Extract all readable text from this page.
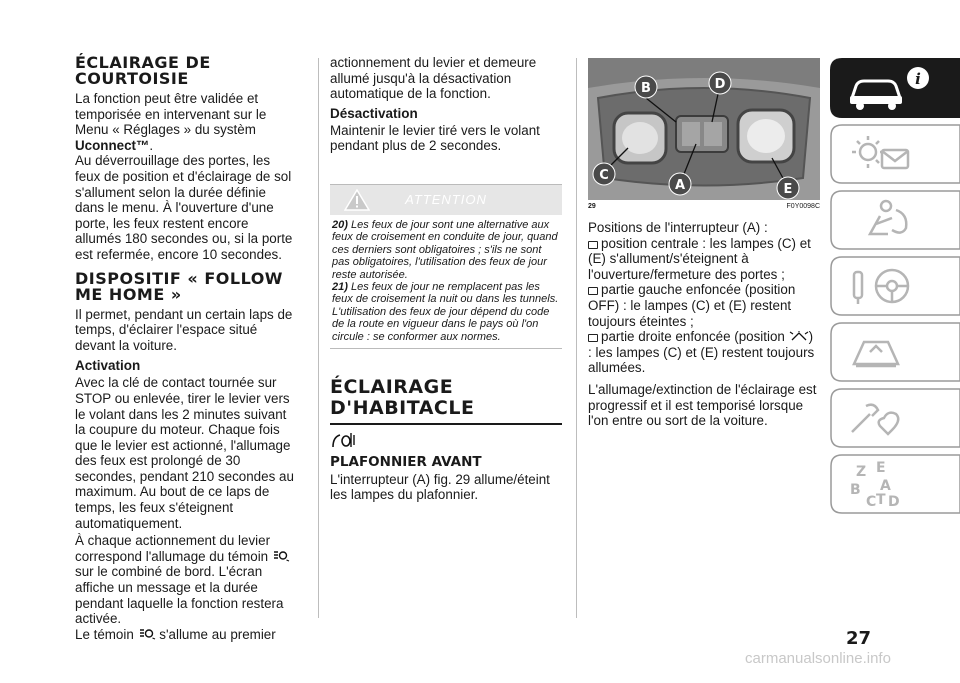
ÉCLAIRAGE DE COURTOISIE

La fonction peut être validée et temporisée en intervenant sur le Menu « Réglages » du systèm Uconnect™.

Au déverrouillage des portes, les feux de position et d'éclairage de sol s'allument selon la durée définie dans le menu. À l'ouverture d'une porte, les feux restent encore allumés 180 secondes ou, si la porte est refermée, encore 10 secondes.

DISPOSITIF « FOLLOW ME HOME »

Il permet, pendant un certain laps de temps, d'éclairer l'espace situé devant la voiture.

Activation

Avec la clé de contact tournée sur STOP ou enlevée, tirer le levier vers le volant dans les 2 minutes suivant la coupure du moteur. Chaque fois que le levier est actionné, l'allumage des feux est prolongé de 30 secondes, pendant 210 secondes au maximum. Au bout de ce laps de temps, les feux s'éteignent automatiquement.

À chaque actionnement du levier correspond l'allumage du témoin  sur le combiné de bord. L'écran affiche un message et la durée pendant laquelle la fonction restera activée.

Le témoin s'allume au premier

actionnement du levier et demeure allumé jusqu'à la désactivation automatique de la fonction.

Désactivation

Maintenir le levier tiré vers le volant pendant plus de 2 secondes.

ATTENTION

20) Les feux de jour sont une alternative aux feux de croisement en conduite de jour, quand ces derniers sont obligatoires ; s'ils ne sont pas obligatoires, l'utilisation des feux de jour reste autorisée.

21) Les feux de jour ne remplacent pas les feux de croisement la nuit ou dans les tunnels. L'utilisation des feux de jour dépend du code de la route en vigueur dans le pays où l'on circule : se conformer aux normes.

ÉCLAIRAGE D'HABITACLE
PLAFONNIER AVANT

L'interrupteur (A) fig. 29 allume/éteint les lampes du plafonnier.

B	D
C
A	E
29	F0Y0098C

Positions de l'interrupteur (A) :

position centrale : les lampes (C) et (E) s'allument/s'éteignent à l'ouverture/fermeture des portes ;

partie gauche enfoncée (position OFF) : le lampes (C) et (E) restent toujours éteintes ;

partie droite enfoncée (position ) : les lampes (C) et (E) restent toujours allumées.

L'allumage/extinction de l'éclairage est progressif et il est temporisé lorsque l'on entre ou sort de la voiture.

i
Z E
B A
C D
T
27
carmanualsonline.info
